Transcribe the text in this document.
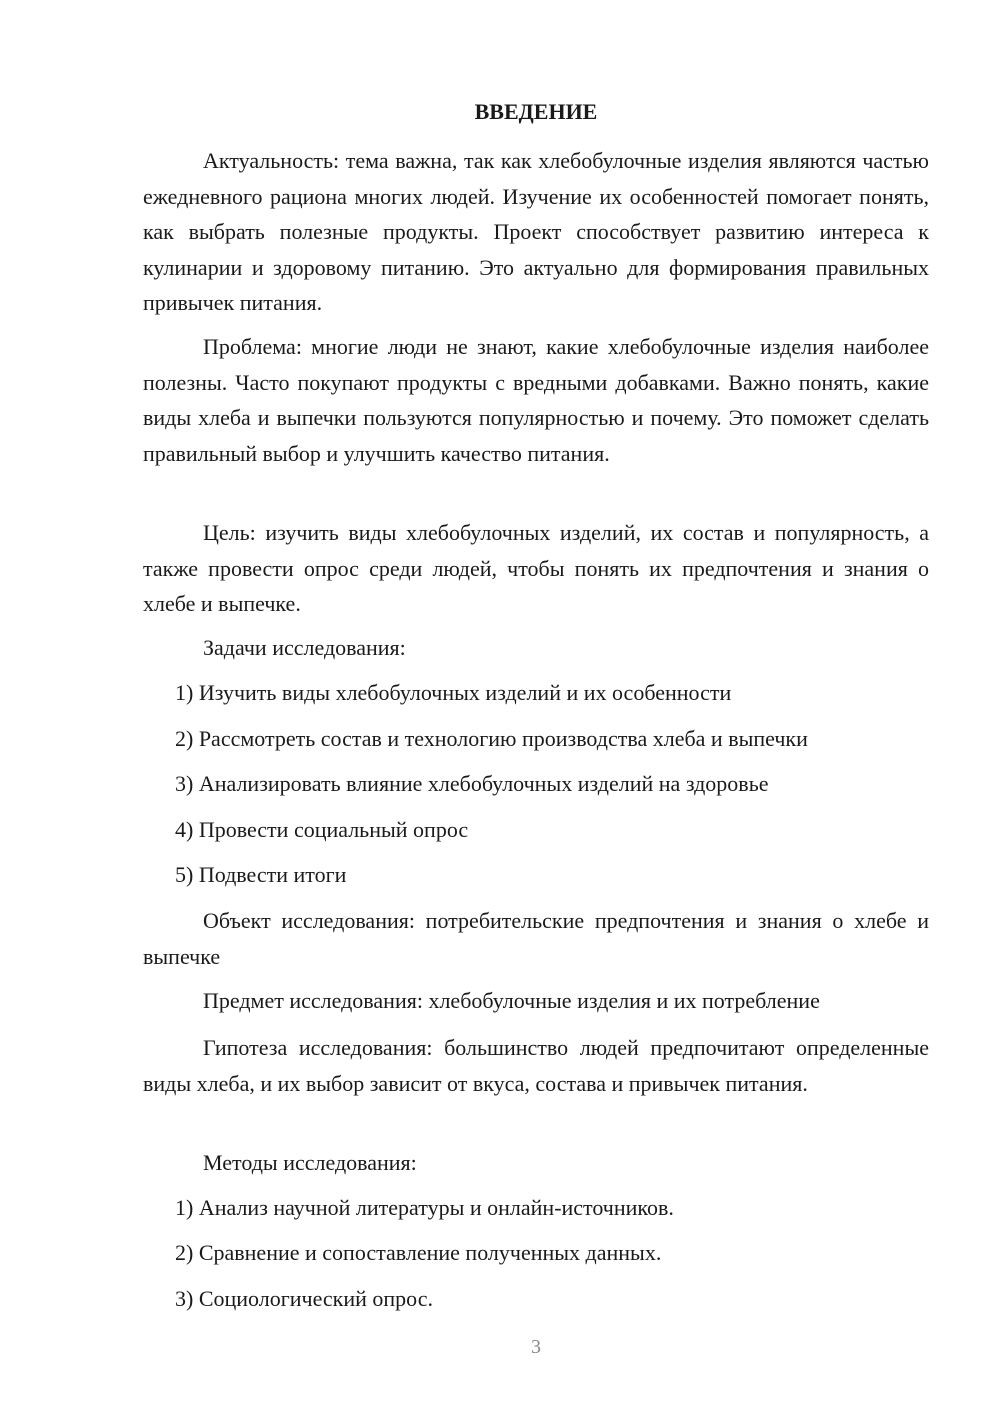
ВВЕДЕНИЕ

Актуальность: тема важна, так как хлебобулочные изделия являются частью ежедневного рациона многих людей. Изучение их особенностей помогает понять, как выбрать полезные продукты. Проект способствует развитию интереса к кулинарии и здоровому питанию. Это актуально для формирования правильных привычек питания.

Проблема: многие люди не знают, какие хлебобулочные изделия наиболее полезны. Часто покупают продукты с вредными добавками. Важно понять, какие виды хлеба и выпечки пользуются популярностью и почему. Это поможет сделать правильный выбор и улучшить качество питания.

Цель: изучить виды хлебобулочных изделий, их состав и популярность, а также провести опрос среди людей, чтобы понять их предпочтения и знания о хлебе и выпечке.

Задачи исследования:

1) Изучить виды хлебобулочных изделий и их особенности

2) Рассмотреть состав и технологию производства хлеба и выпечки

3) Анализировать влияние хлебобулочных изделий на здоровье

4) Провести социальный опрос

5) Подвести итоги

Объект исследования: потребительские предпочтения и знания о хлебе и выпечке

Предмет исследования: хлебобулочные изделия и их потребление

Гипотеза исследования: большинство людей предпочитают определенные виды хлеба, и их выбор зависит от вкуса, состава и привычек питания.

Методы исследования:

1) Анализ научной литературы и онлайн-источников.

2) Сравнение и сопоставление полученных данных.

3) Социологический опрос.

3
